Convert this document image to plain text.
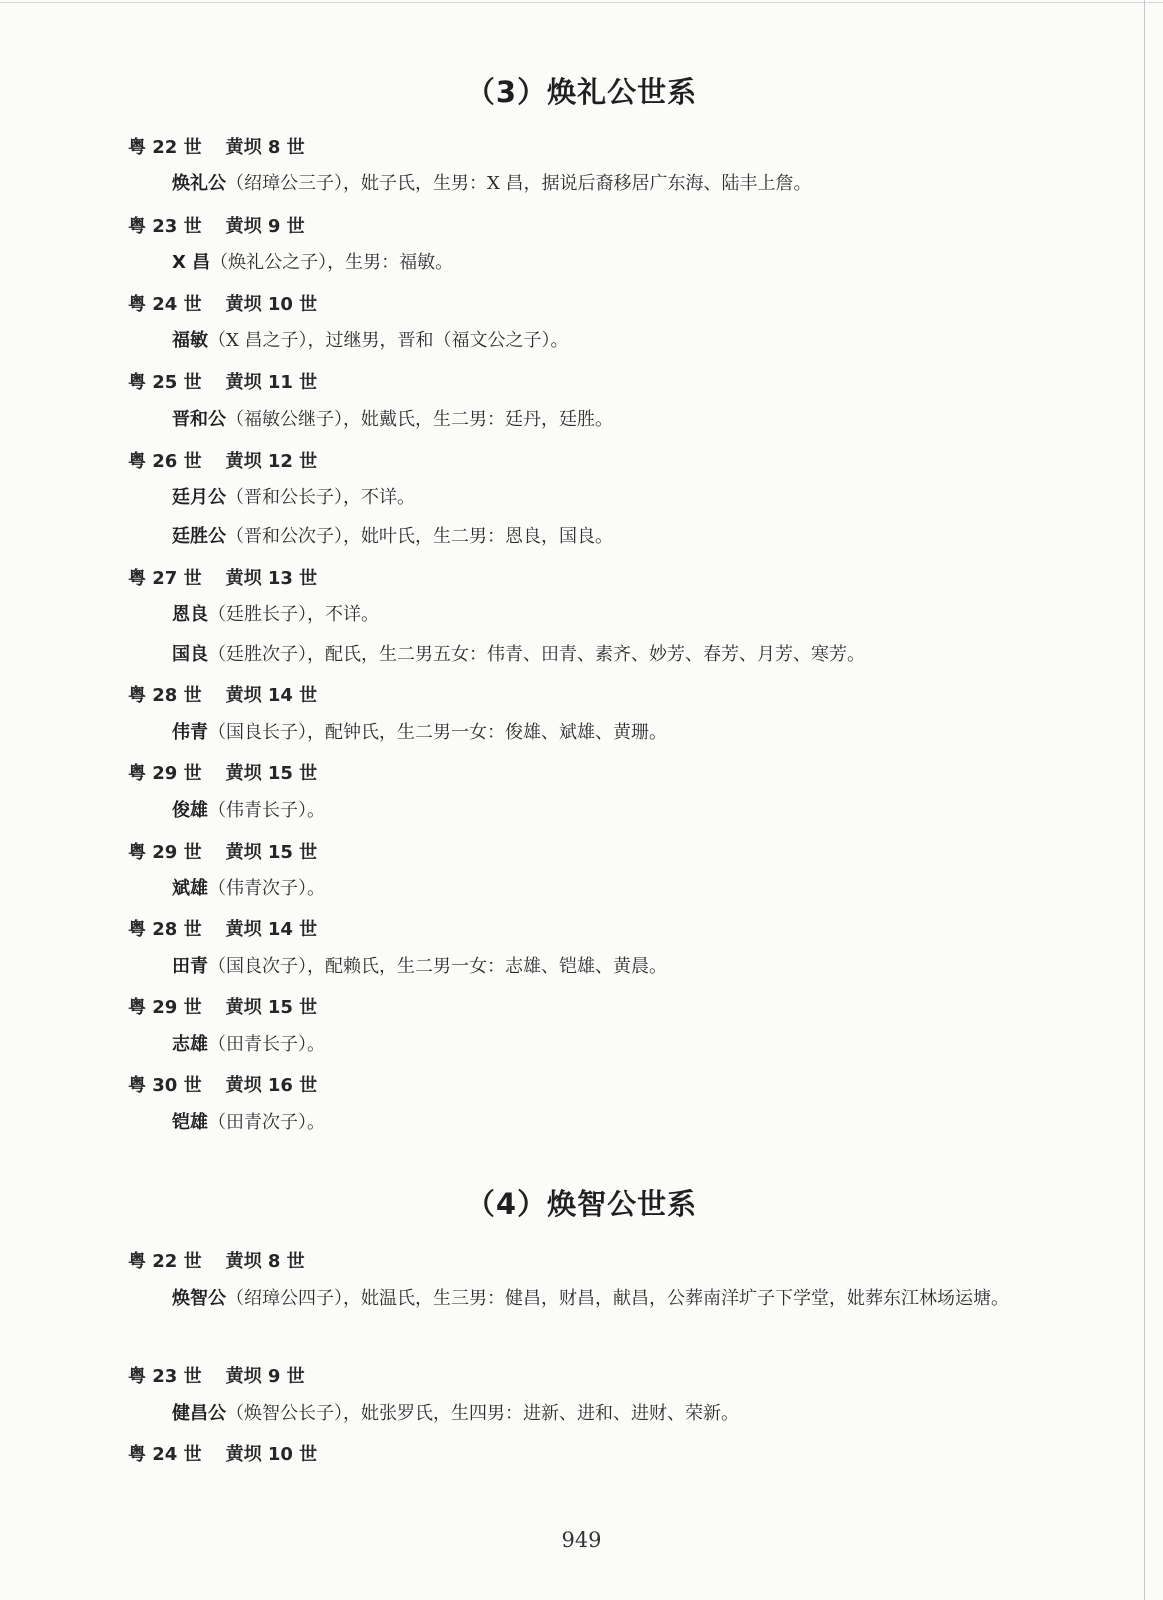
（3）焕礼公世系
粤 22 世 黄坝 8 世
焕礼公（绍璋公三子），妣子氏，生男：X 昌，据说后裔移居广东海、陆丰上詹。
粤 23 世 黄坝 9 世
X 昌（焕礼公之子），生男：福敏。
粤 24 世 黄坝 10 世
福敏（X 昌之子），过继男，晋和（福文公之子）。
粤 25 世 黄坝 11 世
晋和公（福敏公继子），妣戴氏，生二男：廷丹，廷胜。
粤 26 世 黄坝 12 世
廷月公（晋和公长子），不详。
廷胜公（晋和公次子），妣叶氏，生二男：恩良，国良。
粤 27 世 黄坝 13 世
恩良（廷胜长子），不详。
国良（廷胜次子），配氏，生二男五女：伟青、田青、素齐、妙芳、春芳、月芳、寒芳。
粤 28 世 黄坝 14 世
伟青（国良长子），配钟氏，生二男一女：俊雄、斌雄、黄珊。
粤 29 世 黄坝 15 世
俊雄（伟青长子）。
粤 29 世 黄坝 15 世
斌雄（伟青次子）。
粤 28 世 黄坝 14 世
田青（国良次子），配赖氏，生二男一女：志雄、铠雄、黄晨。
粤 29 世 黄坝 15 世
志雄（田青长子）。
粤 30 世 黄坝 16 世
铠雄（田青次子）。
（4）焕智公世系
粤 22 世 黄坝 8 世
焕智公（绍璋公四子），妣温氏，生三男：健昌，财昌，献昌，公葬南洋圹子下学堂，妣葬东江林场运塘。
粤 23 世 黄坝 9 世
健昌公（焕智公长子），妣张罗氏，生四男：进新、进和、进财、荣新。
粤 24 世 黄坝 10 世
949
